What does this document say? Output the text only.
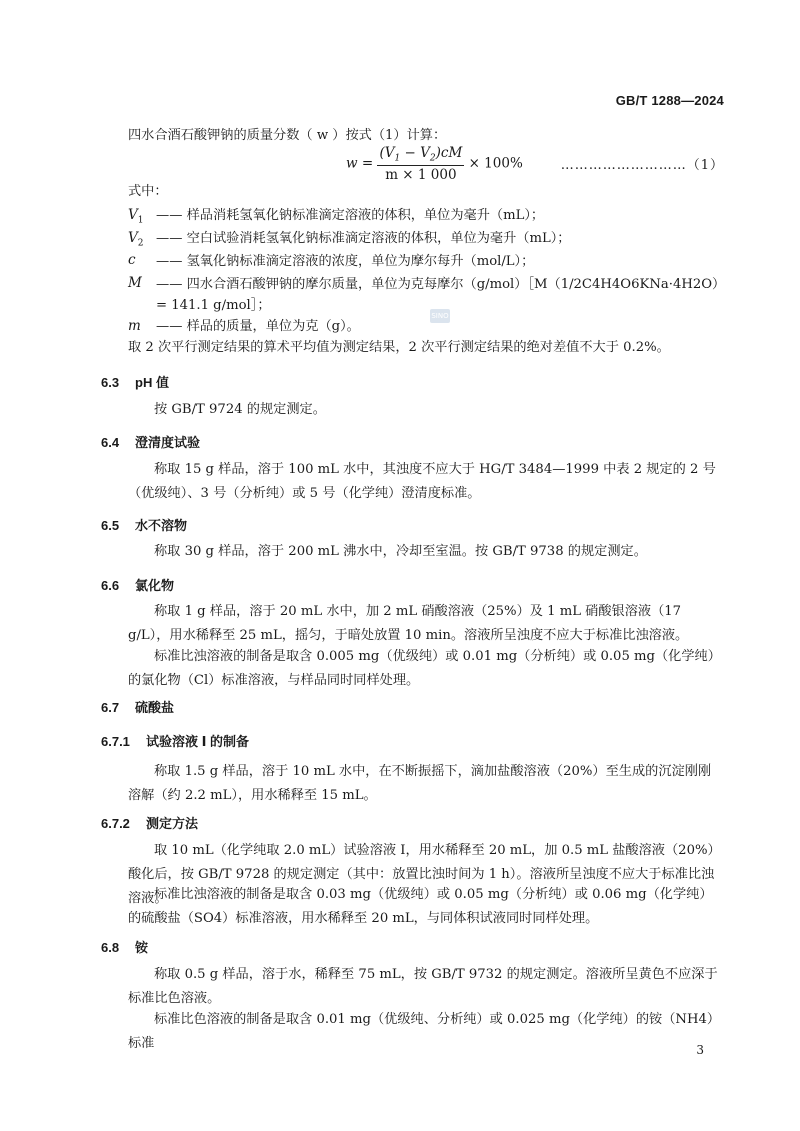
GB/T 1288—2024

四水合酒石酸钾钠的质量分数（ w ）按式（1）计算：

$w = \frac{(V_1 - V_2)cM}{m \times 1 000} \times 100\%$	………………………（1）

式中：

$V_1$ —— 样品消耗氢氧化钠标准滴定溶液的体积，单位为毫升（mL）；
$V_2$ —— 空白试验消耗氢氧化钠标准滴定溶液的体积，单位为毫升（mL）；
c —— 氢氧化钠标准滴定溶液的浓度，单位为摩尔每升（mol/L）；
M —— 四水合酒石酸钾钠的摩尔质量，单位为克每摩尔（g/mol）［M（1/2C4H4O6KNa·4H2O）= 141.1 g/mol］；
m —— 样品的质量，单位为克（g）。
SINO

取 2 次平行测定结果的算术平均值为测定结果，2 次平行测定结果的绝对差值不大于 0.2%。

6.3 pH 值

按 GB/T 9724 的规定测定。

6.4 澄清度试验

称取 15 g 样品，溶于 100 mL 水中，其浊度不应大于 HG/T 3484—1999 中表 2 规定的 2 号（优级纯）、3 号（分析纯）或 5 号（化学纯）澄清度标准。

6.5 水不溶物

称取 30 g 样品，溶于 200 mL 沸水中，冷却至室温。按 GB/T 9738 的规定测定。

6.6 氯化物

称取 1 g 样品，溶于 20 mL 水中，加 2 mL 硝酸溶液（25%）及 1 mL 硝酸银溶液（17 g/L），用水稀释至 25 mL，摇匀，于暗处放置 10 min。溶液所呈浊度不应大于标准比浊溶液。

标准比浊溶液的制备是取含 0.005 mg（优级纯）或 0.01 mg（分析纯）或 0.05 mg（化学纯）的氯化物（Cl）标准溶液，与样品同时同样处理。

6.7 硫酸盐
6.7.1 试验溶液 Ⅰ 的制备

称取 1.5 g 样品，溶于 10 mL 水中，在不断振摇下，滴加盐酸溶液（20%）至生成的沉淀刚刚溶解（约 2.2 mL），用水稀释至 15 mL。

6.7.2 测定方法

取 10 mL（化学纯取 2.0 mL）试验溶液 Ⅰ，用水稀释至 20 mL，加 0.5 mL 盐酸溶液（20%）酸化后，按 GB/T 9728 的规定测定（其中：放置比浊时间为 1 h）。溶液所呈浊度不应大于标准比浊溶液。

标准比浊溶液的制备是取含 0.03 mg（优级纯）或 0.05 mg（分析纯）或 0.06 mg（化学纯）的硫酸盐（SO4）标准溶液，用水稀释至 20 mL，与同体积试液同时同样处理。

6.8 铵

称取 0.5 g 样品，溶于水，稀释至 75 mL，按 GB/T 9732 的规定测定。溶液所呈黄色不应深于标准比色溶液。

标准比色溶液的制备是取含 0.01 mg（优级纯、分析纯）或 0.025 mg（化学纯）的铵（NH4）标准	3
